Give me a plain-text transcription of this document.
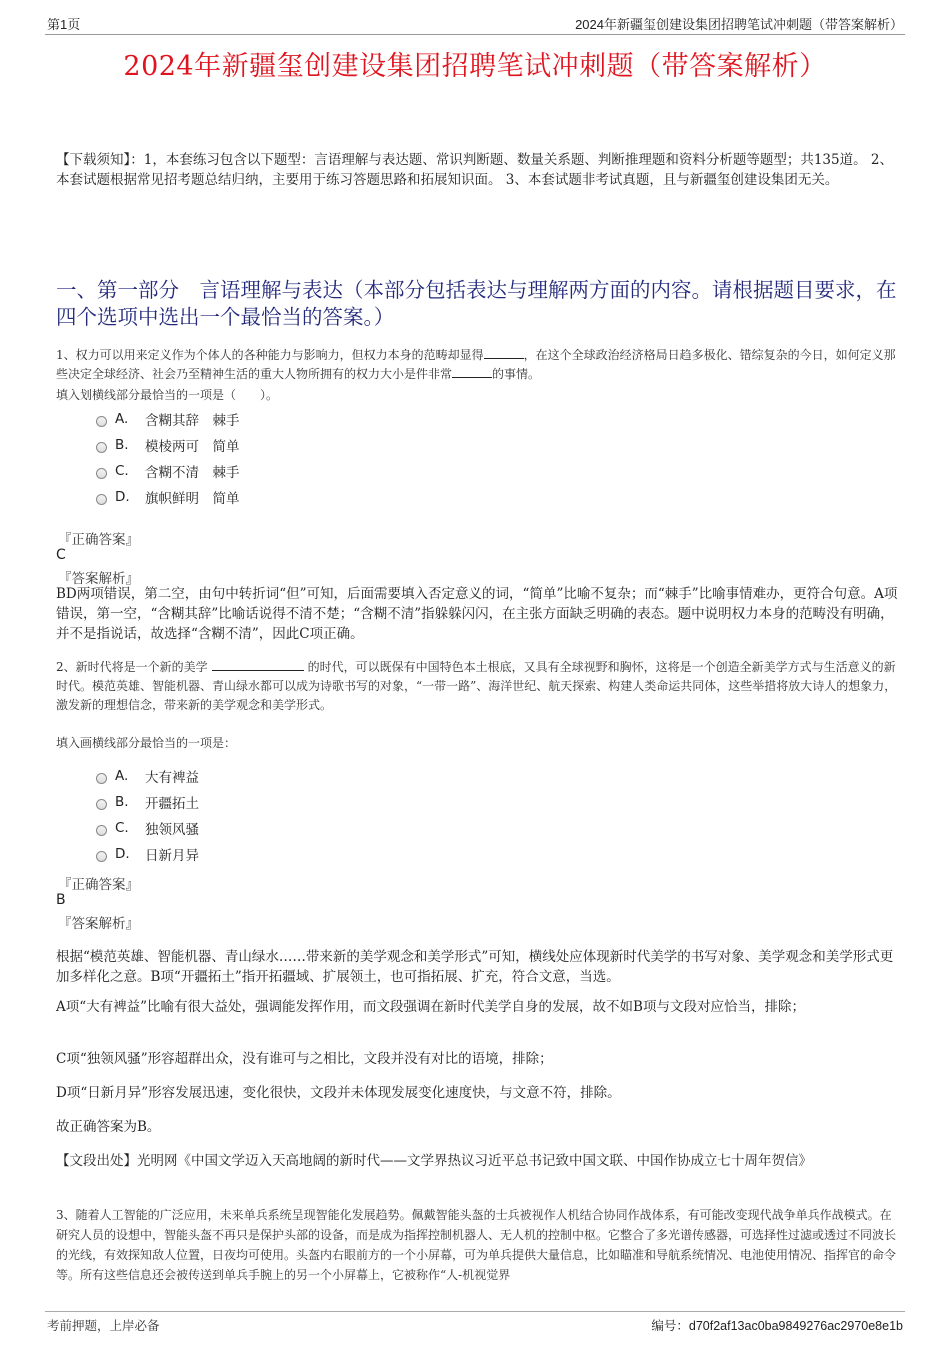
第1页	2024年新疆玺创建设集团招聘笔试冲刺题（带答案解析）
2024年新疆玺创建设集团招聘笔试冲刺题（带答案解析）
【下载须知】：1，本套练习包含以下题型：言语理解与表达题、常识判断题、数量关系题、判断推理题和资料分析题等题型；共135道。 2、本套试题根据常见招考题总结归纳，主要用于练习答题思路和拓展知识面。 3、本套试题非考试真题，且与新疆玺创建设集团无关。
一、第一部分　言语理解与表达（本部分包括表达与理解两方面的内容。请根据题目要求，在四个选项中选出一个最恰当的答案。）
1、权力可以用来定义作为个体人的各种能力与影响力，但权力本身的范畴却显得	，在这个全球政治经济格局日趋多极化、错综复杂的今日，如何定义那些决定全球经济、社会乃至精神生活的重大人物所拥有的权力大小是件非常	的事情。
填入划横线部分最恰当的一项是（　　）。
A.	含糊其辞　棘手
B.	模棱两可　简单
C.	含糊不清　棘手
D.	旗帜鲜明　简单
『正确答案』
C
『答案解析』
BD两项错误，第二空，由句中转折词“但”可知，后面需要填入否定意义的词，“简单”比喻不复杂；而“棘手”比喻事情难办，更符合句意。A项错误，第一空，“含糊其辞”比喻话说得不清不楚；“含糊不清”指躲躲闪闪，在主张方面缺乏明确的表态。题中说明权力本身的范畴没有明确，并不是指说话，故选择“含糊不清”，因此C项正确。
2、新时代将是一个新的美学	的时代，可以既保有中国特色本土根底，又具有全球视野和胸怀，这将是一个创造全新美学方式与生活意义的新时代。模范英雄、智能机器、青山绿水都可以成为诗歌书写的对象，“一带一路”、海洋世纪、航天探索、构建人类命运共同体，这些举措将放大诗人的想象力，激发新的理想信念，带来新的美学观念和美学形式。
填入画横线部分最恰当的一项是：
A.	大有裨益
B.	开疆拓土
C.	独领风骚
D.	日新月异
『正确答案』
B
『答案解析』
根据“模范英雄、智能机器、青山绿水……带来新的美学观念和美学形式”可知，横线处应体现新时代美学的书写对象、美学观念和美学形式更加多样化之意。B项“开疆拓土”指开拓疆域、扩展领土，也可指拓展、扩充，符合文意，当选。
A项“大有裨益”比喻有很大益处，强调能发挥作用，而文段强调在新时代美学自身的发展，故不如B项与文段对应恰当，排除；
C项“独领风骚”形容超群出众，没有谁可与之相比，文段并没有对比的语境，排除；
D项“日新月异”形容发展迅速，变化很快，文段并未体现发展变化速度快，与文意不符，排除。
故正确答案为B。
【文段出处】光明网《中国文学迈入天高地阔的新时代——文学界热议习近平总书记致中国文联、中国作协成立七十周年贺信》
3、随着人工智能的广泛应用，未来单兵系统呈现智能化发展趋势。佩戴智能头盔的士兵被视作人机结合协同作战体系，有可能改变现代战争单兵作战模式。在研究人员的设想中，智能头盔不再只是保护头部的设备，而是成为指挥控制机器人、无人机的控制中枢。它整合了多光谱传感器，可选择性过滤或透过不同波长的光线，有效探知敌人位置，日夜均可使用。头盔内右眼前方的一个小屏幕，可为单兵提供大量信息，比如瞄准和导航系统情况、电池使用情况、指挥官的命令等。所有这些信息还会被传送到单兵手腕上的另一个小屏幕上，它被称作“人-机视觉界
考前押题，上岸必备	编号：d70f2af13ac0ba9849276ac2970e8e1b
